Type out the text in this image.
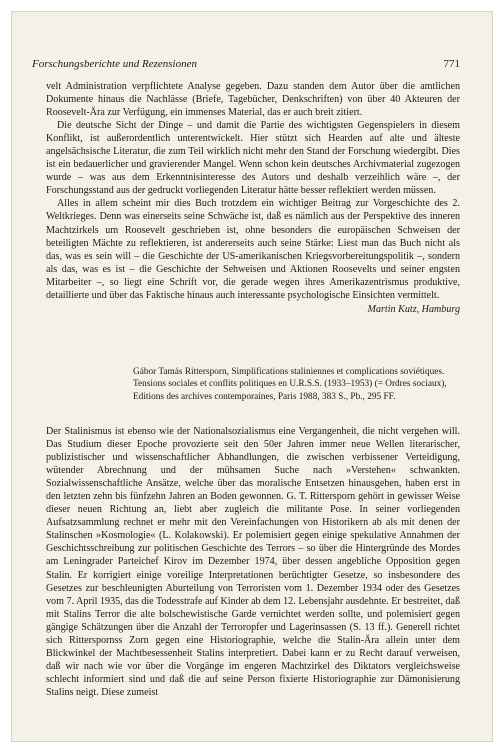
Forschungsberichte und Rezensionen	771

velt Administration verpflichtete Analyse gegeben. Dazu standen dem Autor über die amtlichen Dokumente hinaus die Nachlässe (Briefe, Tagebücher, Denkschriften) von über 40 Akteuren der Roosevelt-Ära zur Verfügung, ein immenses Material, das er auch breit zitiert.

Die deutsche Sicht der Dinge – und damit die Partie des wichtigsten Gegenspielers in diesem Konflikt, ist außerordentlich unterentwickelt. Hier stützt sich Hearden auf alte und älteste angelsächsische Literatur, die zum Teil wirklich nicht mehr den Stand der Forschung wiedergibt. Dies ist ein bedauerlicher und gravierender Mangel. Wenn schon kein deutsches Archivmaterial zugezogen wurde – was aus dem Erkenntnisinteresse des Autors und deshalb verzeihlich wäre –, der Forschungsstand aus der gedruckt vorliegenden Literatur hätte besser reflektiert werden müssen.

Alles in allem scheint mir dies Buch trotzdem ein wichtiger Beitrag zur Vorgeschichte des 2. Weltkrieges. Denn was einerseits seine Schwäche ist, daß es nämlich aus der Perspektive des inneren Machtzirkels um Roosevelt geschrieben ist, ohne besonders die europäischen Schweisen der beteiligten Mächte zu reflektieren, ist andererseits auch seine Stärke: Liest man das Buch nicht als das, was es sein will – die Geschichte der US-amerikanischen Kriegsvorbereitungspolitik –, sondern als das, was es ist – die Geschichte der Sehweisen und Aktionen Roosevelts und seiner engsten Mitarbeiter –, so liegt eine Schrift vor, die gerade wegen ihres Amerikazentrismus produktive, detaillierte und über das Faktische hinaus auch interessante psychologische Einsichten vermittelt.

Martin Kutz, Hamburg

Gábor Tamás Rittersporn, Simplifications staliniennes et complications soviétiques. Tensions sociales et conflits politiques en U.R.S.S. (1933–1953) (= Ordres sociaux), Editions des archives contemporaines, Paris 1988, 383 S., Pb., 295 FF.

Der Stalinismus ist ebenso wie der Nationalsozialismus eine Vergangenheit, die nicht vergehen will. Das Studium dieser Epoche provozierte seit den 50er Jahren immer neue Wellen literarischer, publizistischer und wissenschaftlicher Abhandlungen, die zwischen verbissener Verteidigung, wütender Abrechnung und der mühsamen Suche nach »Verstehen« schwankten. Sozialwissenschaftliche Ansätze, welche über das moralische Entsetzen hinausgehen, haben erst in den letzten zehn bis fünfzehn Jahren an Boden gewonnen. G. T. Rittersporn gehört in gewisser Weise dieser neuen Richtung an, liebt aber zugleich die militante Pose. In seiner vorliegenden Aufsatzsammlung rechnet er mehr mit den Vereinfachungen von Historikern ab als mit denen der Stalinschen »Kosmologie« (L. Kolakowski). Er polemisiert gegen einige spekulative Annahmen der Geschichtsschreibung zur politischen Geschichte des Terrors – so über die Hintergründe des Mordes am Leningrader Parteichef Kirov im Dezember 1974, über dessen angebliche Opposition gegen Stalin. Er korrigiert einige voreilige Interpretationen berüchtigter Gesetze, so insbesondere des Gesetzes zur beschleunigten Aburteilung von Terroristen vom 1. Dezember 1934 oder des Gesetzes vom 7. April 1935, das die Todesstrafe auf Kinder ab dem 12. Lebensjahr ausdehnte. Er bestreitet, daß mit Stalins Terror die alte bolschewistische Garde vernichtet werden sollte, und polemisiert gegen gängige Schätzungen über die Anzahl der Terroropfer und Lagerinsassen (S. 13 ff.). Generell richtet sich Ritterspornss Zorn gegen eine Historiographie, welche die Stalin-Ära allein unter dem Blickwinkel der Machtbesessenheit Stalins interpretiert. Dabei kann er zu Recht darauf verweisen, daß wir nach wie vor über die Vorgänge im engeren Machtzirkel des Diktators vergleichsweise schlecht informiert sind und daß die auf seine Person fixierte Historiographie zur Dämonisierung Stalins neigt. Diese zumeist
